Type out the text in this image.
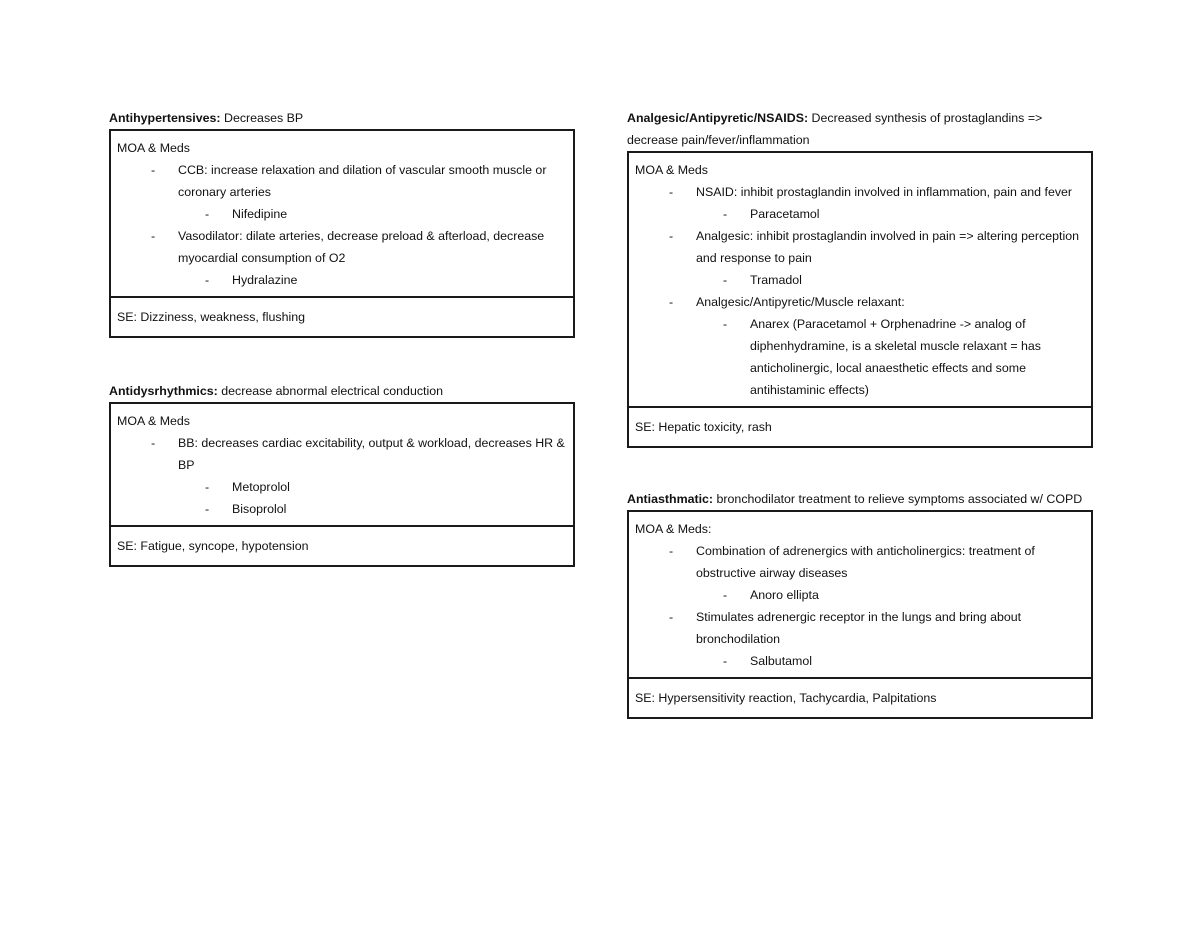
Antihypertensives: Decreases BP
MOA & Meds
- CCB: increase relaxation and dilation of vascular smooth muscle or coronary arteries
- Nifedipine
- Vasodilator: dilate arteries, decrease preload & afterload, decrease myocardial consumption of O2
- Hydralazine
SE: Dizziness, weakness, flushing
Antidysrhythmics: decrease abnormal electrical conduction
MOA & Meds
- BB: decreases cardiac excitability, output & workload, decreases HR & BP
- Metoprolol
- Bisoprolol
SE: Fatigue, syncope, hypotension
Analgesic/Antipyretic/NSAIDS: Decreased synthesis of prostaglandins => decrease pain/fever/inflammation
MOA & Meds
- NSAID: inhibit prostaglandin involved in inflammation, pain and fever
- Paracetamol
- Analgesic: inhibit prostaglandin involved in pain => altering perception and response to pain
- Tramadol
- Analgesic/Antipyretic/Muscle relaxant:
- Anarex (Paracetamol + Orphenadrine -> analog of diphenhydramine, is a skeletal muscle relaxant = has anticholinergic, local anaesthetic effects and some antihistaminic effects)
SE: Hepatic toxicity, rash
Antiasthmatic: bronchodilator treatment to relieve symptoms associated w/ COPD
MOA & Meds:
- Combination of adrenergics with anticholinergics: treatment of obstructive airway diseases
- Anoro ellipta
- Stimulates adrenergic receptor in the lungs and bring about bronchodilation
- Salbutamol
SE: Hypersensitivity reaction, Tachycardia, Palpitations
